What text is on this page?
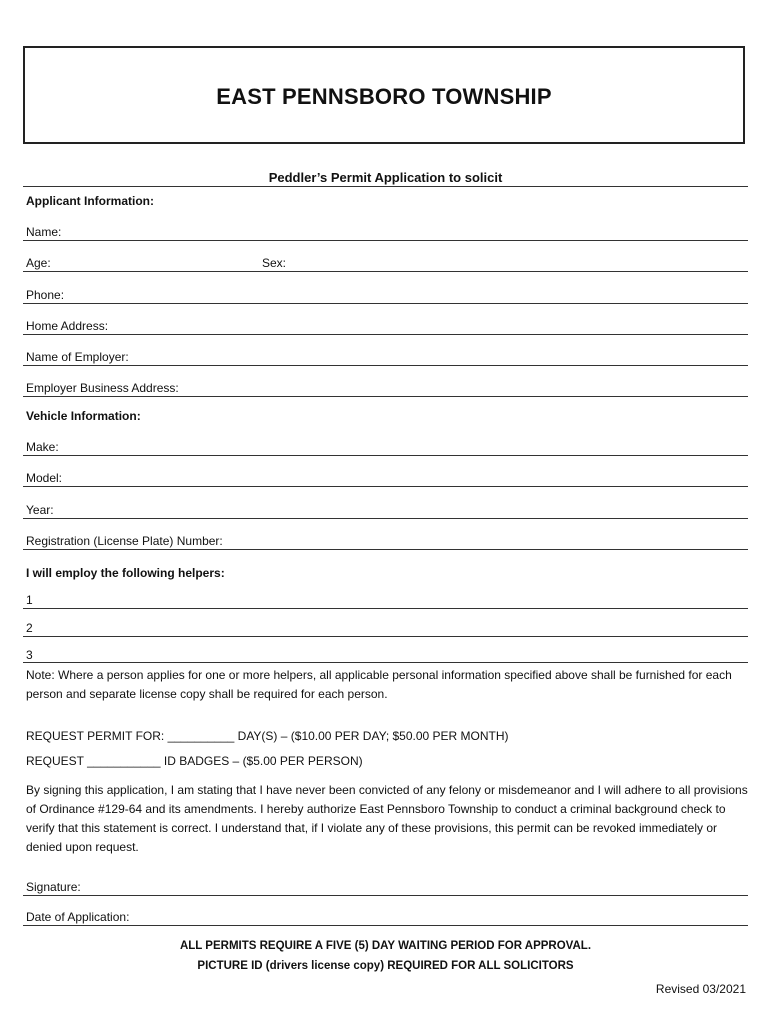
EAST PENNSBORO TOWNSHIP
Peddler’s Permit Application to solicit
Applicant Information:
Name:
Age:	Sex:
Phone:
Home Address:
Name of Employer:
Employer Business Address:
Vehicle Information:
Make:
Model:
Year:
Registration (License Plate) Number:
I will employ the following helpers:
1
2
3
Note: Where a person applies for one or more helpers, all applicable personal information specified above shall be furnished for each person and separate license copy shall be required for each person.
REQUEST PERMIT FOR: __________ DAY(S) – ($10.00 PER DAY; $50.00 PER MONTH)
REQUEST ___________ ID BADGES – ($5.00 PER PERSON)
By signing this application, I am stating that I have never been convicted of any felony or misdemeanor and I will adhere to all provisions of Ordinance #129-64 and its amendments. I hereby authorize East Pennsboro Township to conduct a criminal background check to verify that this statement is correct. I understand that, if I violate any of these provisions, this permit can be revoked immediately or denied upon request.
Signature:
Date of Application:
ALL PERMITS REQUIRE A FIVE (5) DAY WAITING PERIOD FOR APPROVAL.
PICTURE ID (drivers license copy) REQUIRED FOR ALL SOLICITORS
Revised 03/2021
